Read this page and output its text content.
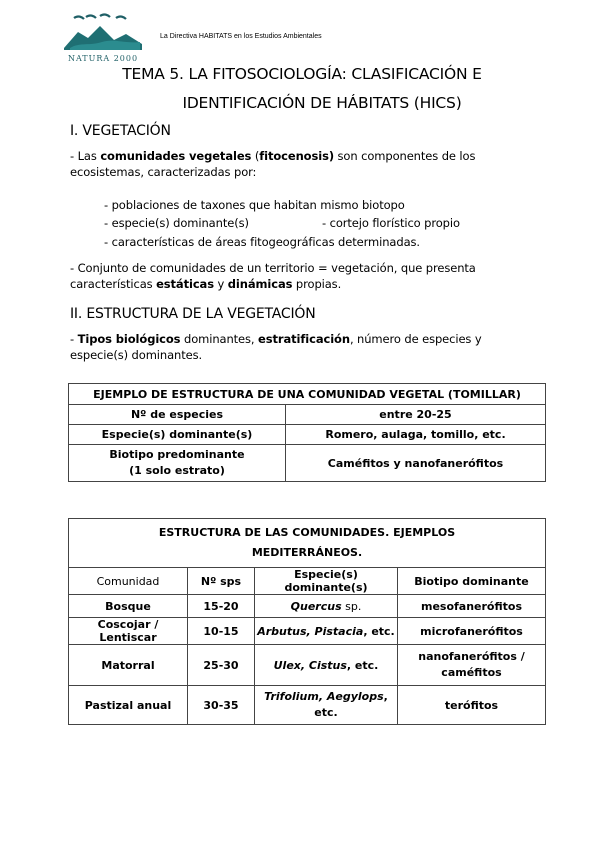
NATURA 2000
La Directiva HABITATS en los Estudios Ambientales
TEMA 5. LA FITOSOCIOLOGÍA: CLASIFICACIÓN E
IDENTIFICACIÓN DE HÁBITATS (HICS)
I. VEGETACIÓN
- Las comunidades vegetales (fitocenosis) son componentes de los
ecosistemas, caracterizadas por:
- poblaciones de taxones que habitan mismo biotopo
- especie(s) dominante(s)	- cortejo florístico propio
- características de áreas fitogeográficas determinadas.
- Conjunto de comunidades de un territorio = vegetación, que presenta
características estáticas y dinámicas propias.
II. ESTRUCTURA DE LA VEGETACIÓN
- Tipos biológicos dominantes, estratificación, número de especies y
especie(s) dominantes.
EJEMPLO DE ESTRUCTURA DE UNA COMUNIDAD VEGETAL (TOMILLAR)	
Nº de especies	entre 20-25
Especie(s) dominante(s)	Romero, aulaga, tomillo, etc.
Biotipo predominante
(1 solo estrato)	Caméfitos y nanofanerófitos
ESTRUCTURA DE LAS COMUNIDADES. EJEMPLOS
MEDITERRÁNEOS.			
Comunidad	Nº sps	Especie(s) dominante(s)	Biotipo dominante
Bosque	15-20	Quercus sp.	mesofanerófitos
Coscojar / Lentiscar	10-15	Arbutus, Pistacia, etc.	microfanerófitos
Matorral	25-30	Ulex, Cistus, etc.	nanofanerófitos /
caméfitos
Pastizal anual	30-35	Trifolium, Aegylops,
etc.	terófitos
